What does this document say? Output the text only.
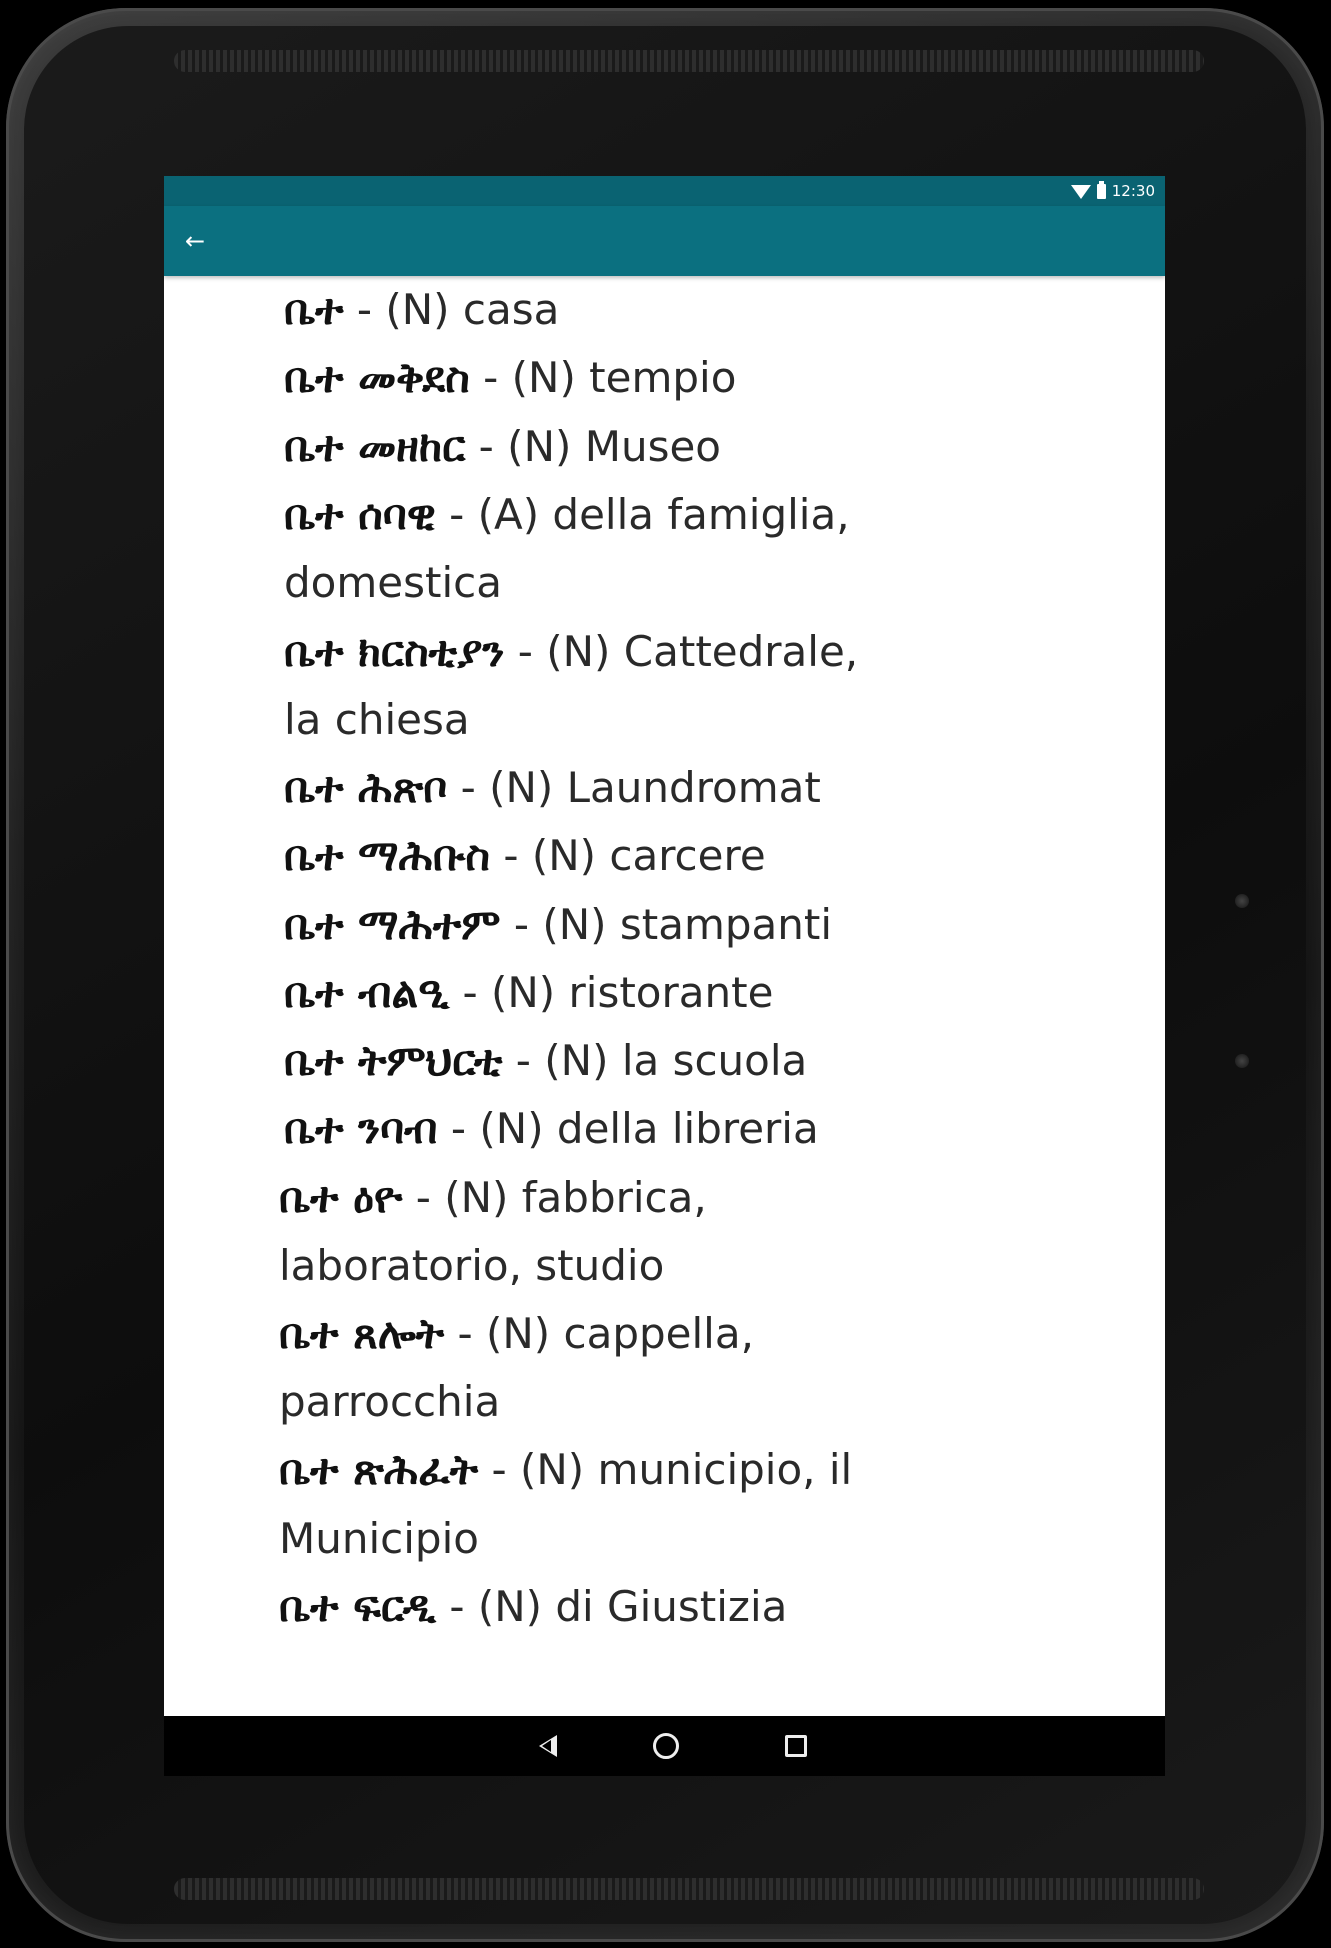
12:30
←
ቤተ - (N) casa
ቤተ መቅደስ - (N) tempio
ቤተ መዘከር - (N) Museo
ቤተ ሰባዊ - (A) della famiglia,
domestica
ቤተ ክርስቲያን - (N) Cattedrale,
la chiesa
ቤተ ሕጽቦ - (N) Laundromat
ቤተ ማሕቡስ - (N) carcere
ቤተ ማሕተም - (N) stampanti
ቤተ ብልዒ - (N) ristorante
ቤተ ትምህርቲ - (N) la scuola
ቤተ ንባብ - (N) della libreria
ቤተ ዕዮ - (N) fabbrica,
laboratorio, studio
ቤተ ጸሎት - (N) cappella,
parrocchia
ቤተ ጽሕፈት - (N) municipio, il
Municipio
ቤተ ፍርዲ - (N) di Giustizia
